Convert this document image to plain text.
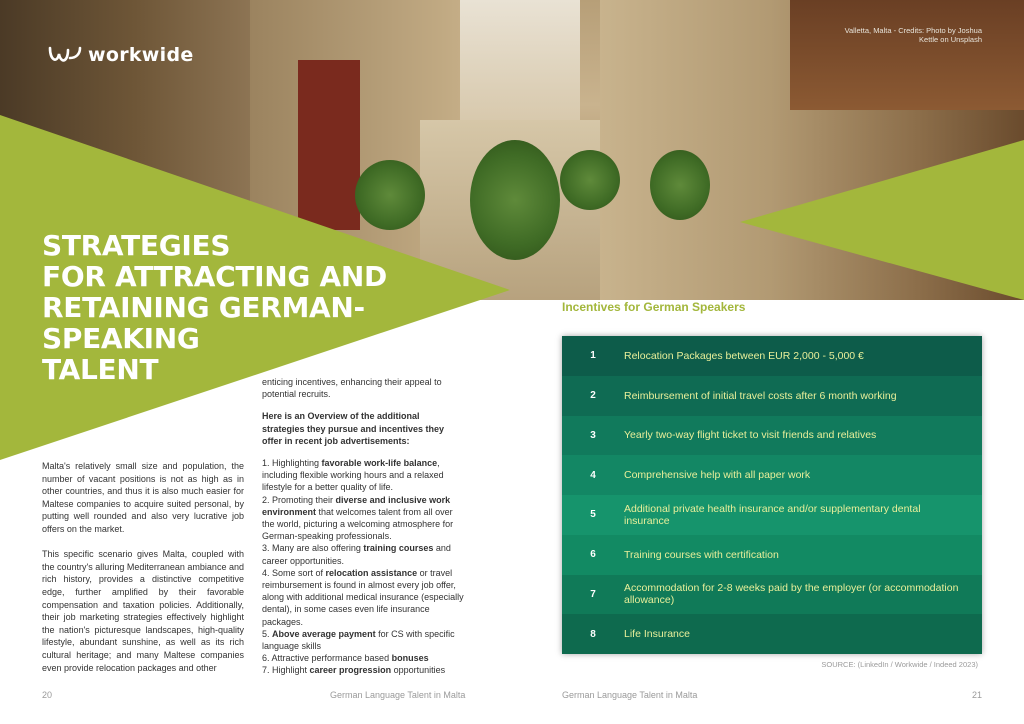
workwide
Valletta, Malta - Credits: Photo by Joshua Kettle on Unsplash
STRATEGIES
FOR ATTRACTING AND
RETAINING GERMAN-
SPEAKING
TALENT

Malta's relatively small size and population, the number of vacant positions is not as high as in other countries, and thus it is also much easier for Maltese companies to acquire suited personal, by putting well rounded and also very lucrative job offers on the market.

This specific scenario gives Malta, coupled with the country's alluring Mediterranean ambiance and rich history, provides a distinctive competitive edge, further amplified by their favorable compensation and taxation policies. Additionally, their job marketing strategies effectively highlight the nation's picturesque landscapes, high-quality lifestyle, abundant sunshine, as well as its rich cultural heritage; and many Maltese companies even provide relocation packages and other

enticing incentives, enhancing their appeal to potential recruits.

Here is an Overview of the additional strategies they pursue and incentives they offer in recent job advertisements:

1. Highlighting favorable work-life balance, including flexible working hours and a relaxed lifestyle for a better quality of life.

2. Promoting their diverse and inclusive work environment that welcomes talent from all over the world, picturing a welcoming atmosphere for German-speaking professionals.

3. Many are also offering training courses and career opportunities.

4. Some sort of relocation assistance or travel reimbursement is found in almost every job offer, along with additional medical insurance (especially dental), in some cases even life insurance packages.

5. Above average payment for CS with specific language skills

6. Attractive performance based bonuses

7. Highlight career progression opportunities

Incentives for German Speakers
1	Relocation Packages between EUR 2,000 - 5,000 €
2	Reimbursement of initial travel costs after 6 month working
3	Yearly two-way flight ticket to visit friends and relatives
4	Comprehensive help with all paper work
5	Additional private health insurance and/or supplementary dental insurance
6	Training courses with certification
7	Accommodation for 2-8 weeks paid by the employer (or accommodation allowance)
8	Life Insurance
SOURCE: (LinkedIn / Workwide / Indeed 2023)
20	German Language Talent in Malta	German Language Talent in Malta	21
